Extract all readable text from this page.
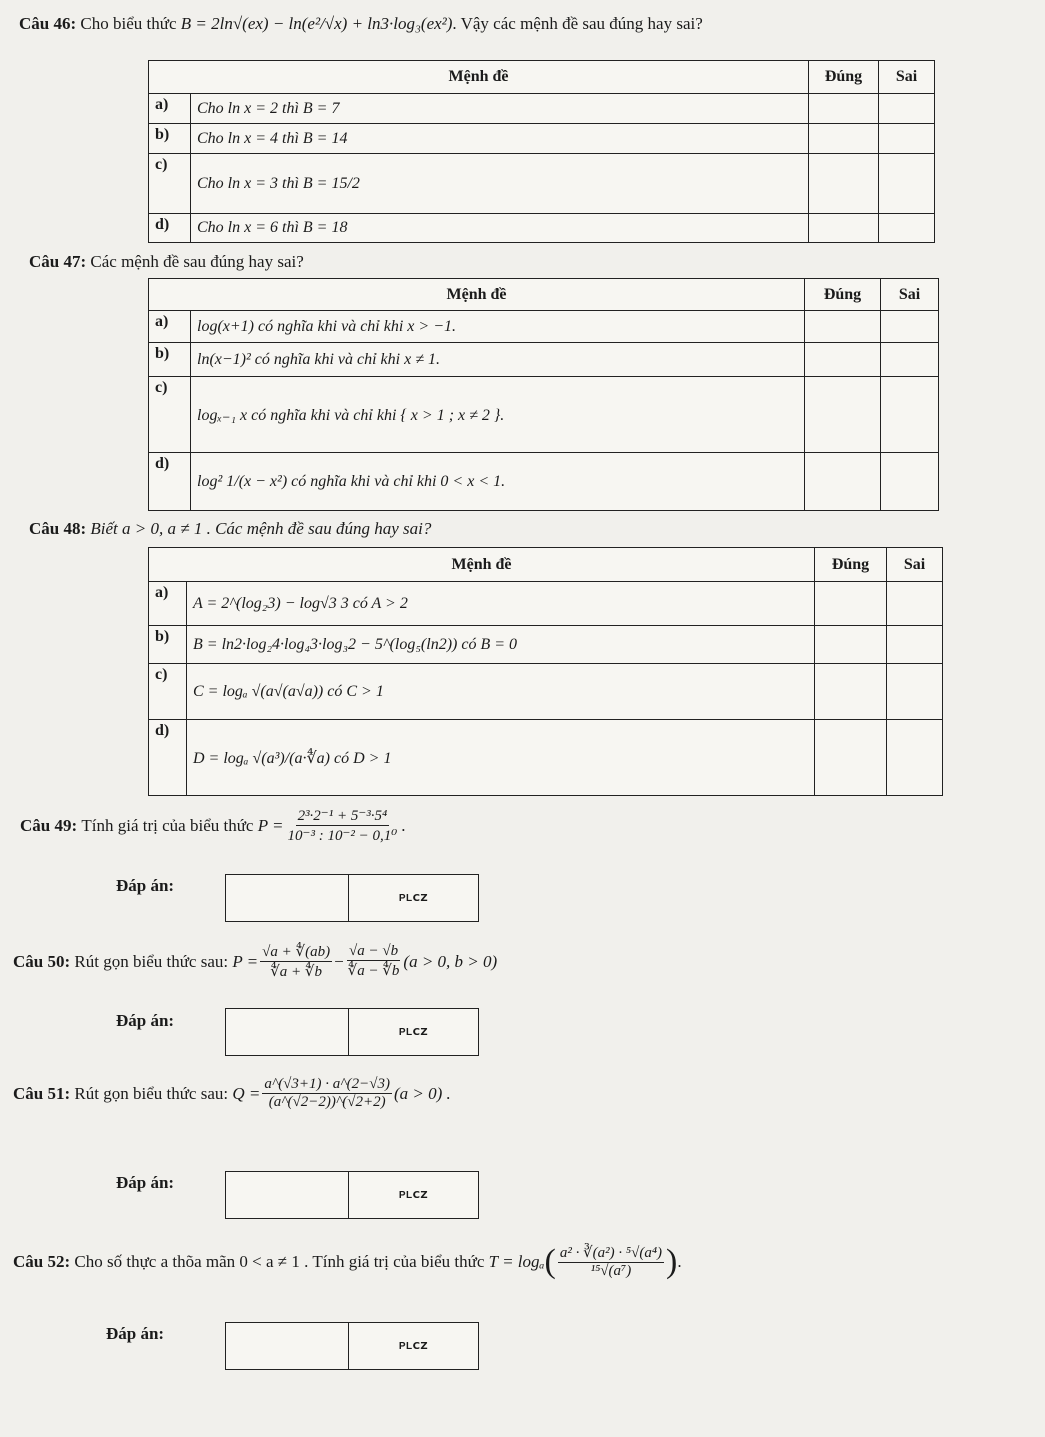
Câu 46: Cho biểu thức B = 2ln√(ex) − ln(e²/√x) + ln3·log₃(ex²). Vậy các mệnh đề sau đúng hay sai?
Mệnh đề		Đúng	Sai
a)	Cho ln x = 2 thì B = 7		
b)	Cho ln x = 4 thì B = 14		
c)	Cho ln x = 3 thì B = 15/2		
d)	Cho ln x = 6 thì B = 18		
Câu 47: Các mệnh đề sau đúng hay sai?
Mệnh đề		Đúng	Sai
a)	log(x+1) có nghĩa khi và chỉ khi x > −1.		
b)	ln(x−1)² có nghĩa khi và chỉ khi x ≠ 1.		
c)	logₓ₋₁ x có nghĩa khi và chỉ khi { x > 1 ; x ≠ 2 }.		
d)	log² 1/(x − x²) có nghĩa khi và chỉ khi 0 < x < 1.		
Câu 48: Biết a > 0, a ≠ 1 . Các mệnh đề sau đúng hay sai?
Mệnh đề		Đúng	Sai
a)	A = 2^(log₂3) − log√3 3 có A > 2		
b)	B = ln2·log₂4·log₄3·log₃2 − 5^(log₅(ln2)) có B = 0		
c)	C = logₐ √(a√(a√a)) có C > 1		
d)	D = logₐ √(a³)/(a·∜a) có D > 1		
Câu 49:
Tính giá trị của biểu thức
$P = \frac{\text{2³·2⁻¹ + 5⁻³·5⁴}}{\text{10⁻³ : 10⁻² − 0,1⁰}}$ .
Đáp án:
PL𝗖𝗭
Câu 50:
Rút gọn biểu thức sau:
$P = \frac{√a + ∜(ab)}{∜a + ∜b} - \frac{√a - √b}{∜a - ∜b} (a > 0$, b > 0)
Đáp án:
PL𝗖𝗭
Câu 51:
Rút gọn biểu thức sau:
$Q = \frac{a\^{}(√3+1) \cdot a\^{}(2-√3)}{(a\^{}(√2-2))\^{}(√2+2)} (a > 0)$ .
Đáp án:
PL𝗖𝗭
Câu 52:
Cho số thực a thõa mãn 0 < a ≠ 1 . Tính giá trị của biểu thức
T = logₐ ( $\frac{\text{a² · ∛(a²) · ⁵√(a⁴)}}{\text{¹⁵√(a⁷)}}$ ) .
Đáp án:
PL𝗖𝗭
